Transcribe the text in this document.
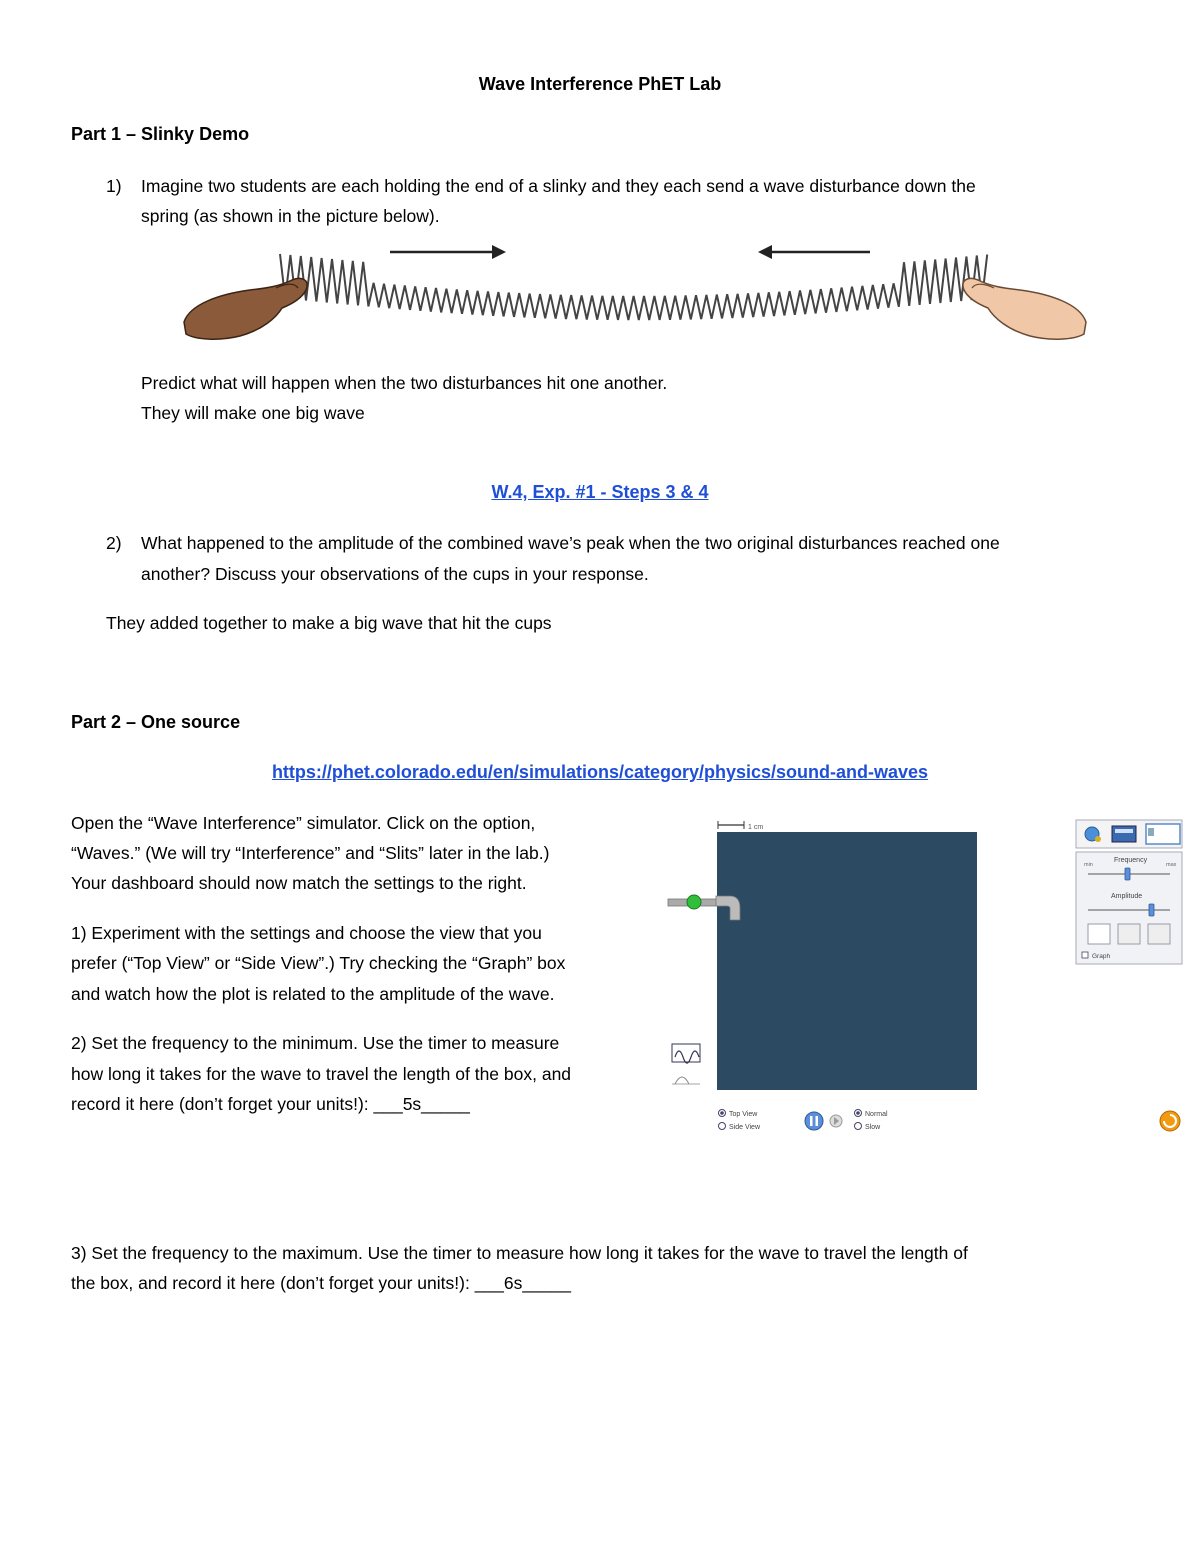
Wave Interference PhET Lab
Part 1 – Slinky Demo
1) Imagine two students are each holding the end of a slinky and they each send a wave disturbance down the
spring (as shown in the picture below).
Predict what will happen when the two disturbances hit one another.
They will make one big wave
W.4, Exp. #1 - Steps 3 & 4
2) What happened to the amplitude of the combined wave’s peak when the two original disturbances reached one
another? Discuss your observations of the cups in your response.
They added together to make a big wave that hit the cups
Part 2 – One source
https://phet.colorado.edu/en/simulations/category/physics/sound-and-waves
Open the “Wave Interference” simulator. Click on the option,
“Waves.” (We will try “Interference” and “Slits” later in the lab.)
Your dashboard should now match the settings to the right.
1) Experiment with the settings and choose the view that you
prefer (“Top View” or “Side View”.) Try checking the “Graph” box
and watch how the plot is related to the amplitude of the wave.
2) Set the frequency to the minimum. Use the timer to measure
how long it takes for the wave to travel the length of the box, and
record it here (don’t forget your units!): ___5s_____
1 cm
Top View
Side View
Normal
Slow
Frequency
min	max
Amplitude
Graph
3) Set the frequency to the maximum. Use the timer to measure how long it takes for the wave to travel the length of
the box, and record it here (don’t forget your units!): ___6s_____
